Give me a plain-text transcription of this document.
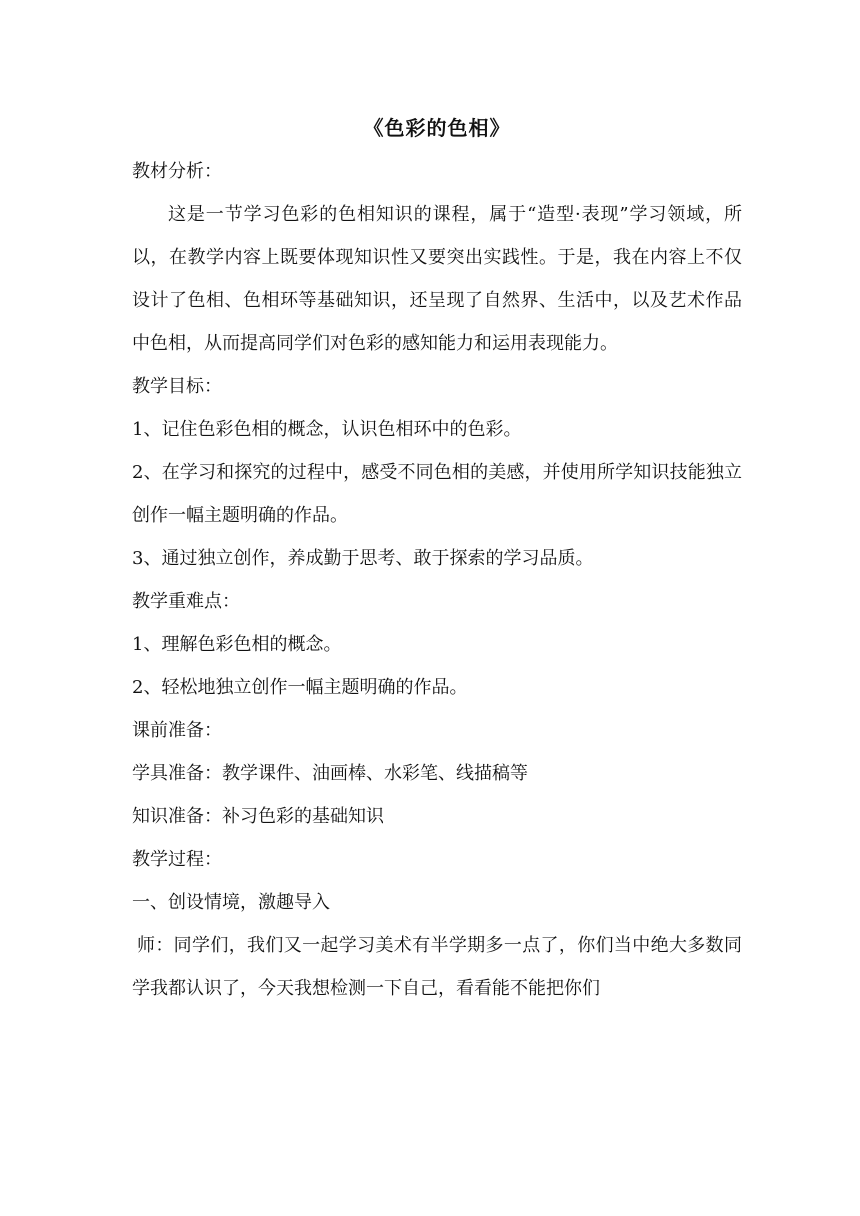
《色彩的色相》
教材分析：
这是一节学习色彩的色相知识的课程，属于“造型·表现”学习领域，所以，在教学内容上既要体现知识性又要突出实践性。于是，我在内容上不仅设计了色相、色相环等基础知识，还呈现了自然界、生活中，以及艺术作品中色相，从而提高同学们对色彩的感知能力和运用表现能力。
教学目标：
1、记住色彩色相的概念，认识色相环中的色彩。
2、在学习和探究的过程中，感受不同色相的美感，并使用所学知识技能独立创作一幅主题明确的作品。
3、通过独立创作，养成勤于思考、敢于探索的学习品质。
教学重难点：
1、理解色彩色相的概念。
2、轻松地独立创作一幅主题明确的作品。
课前准备：
学具准备：教学课件、油画棒、水彩笔、线描稿等
知识准备：补习色彩的基础知识
教学过程：
一、创设情境，激趣导入
师：同学们，我们又一起学习美术有半学期多一点了，你们当中绝大多数同学我都认识了，今天我想检测一下自己，看看能不能把你们
